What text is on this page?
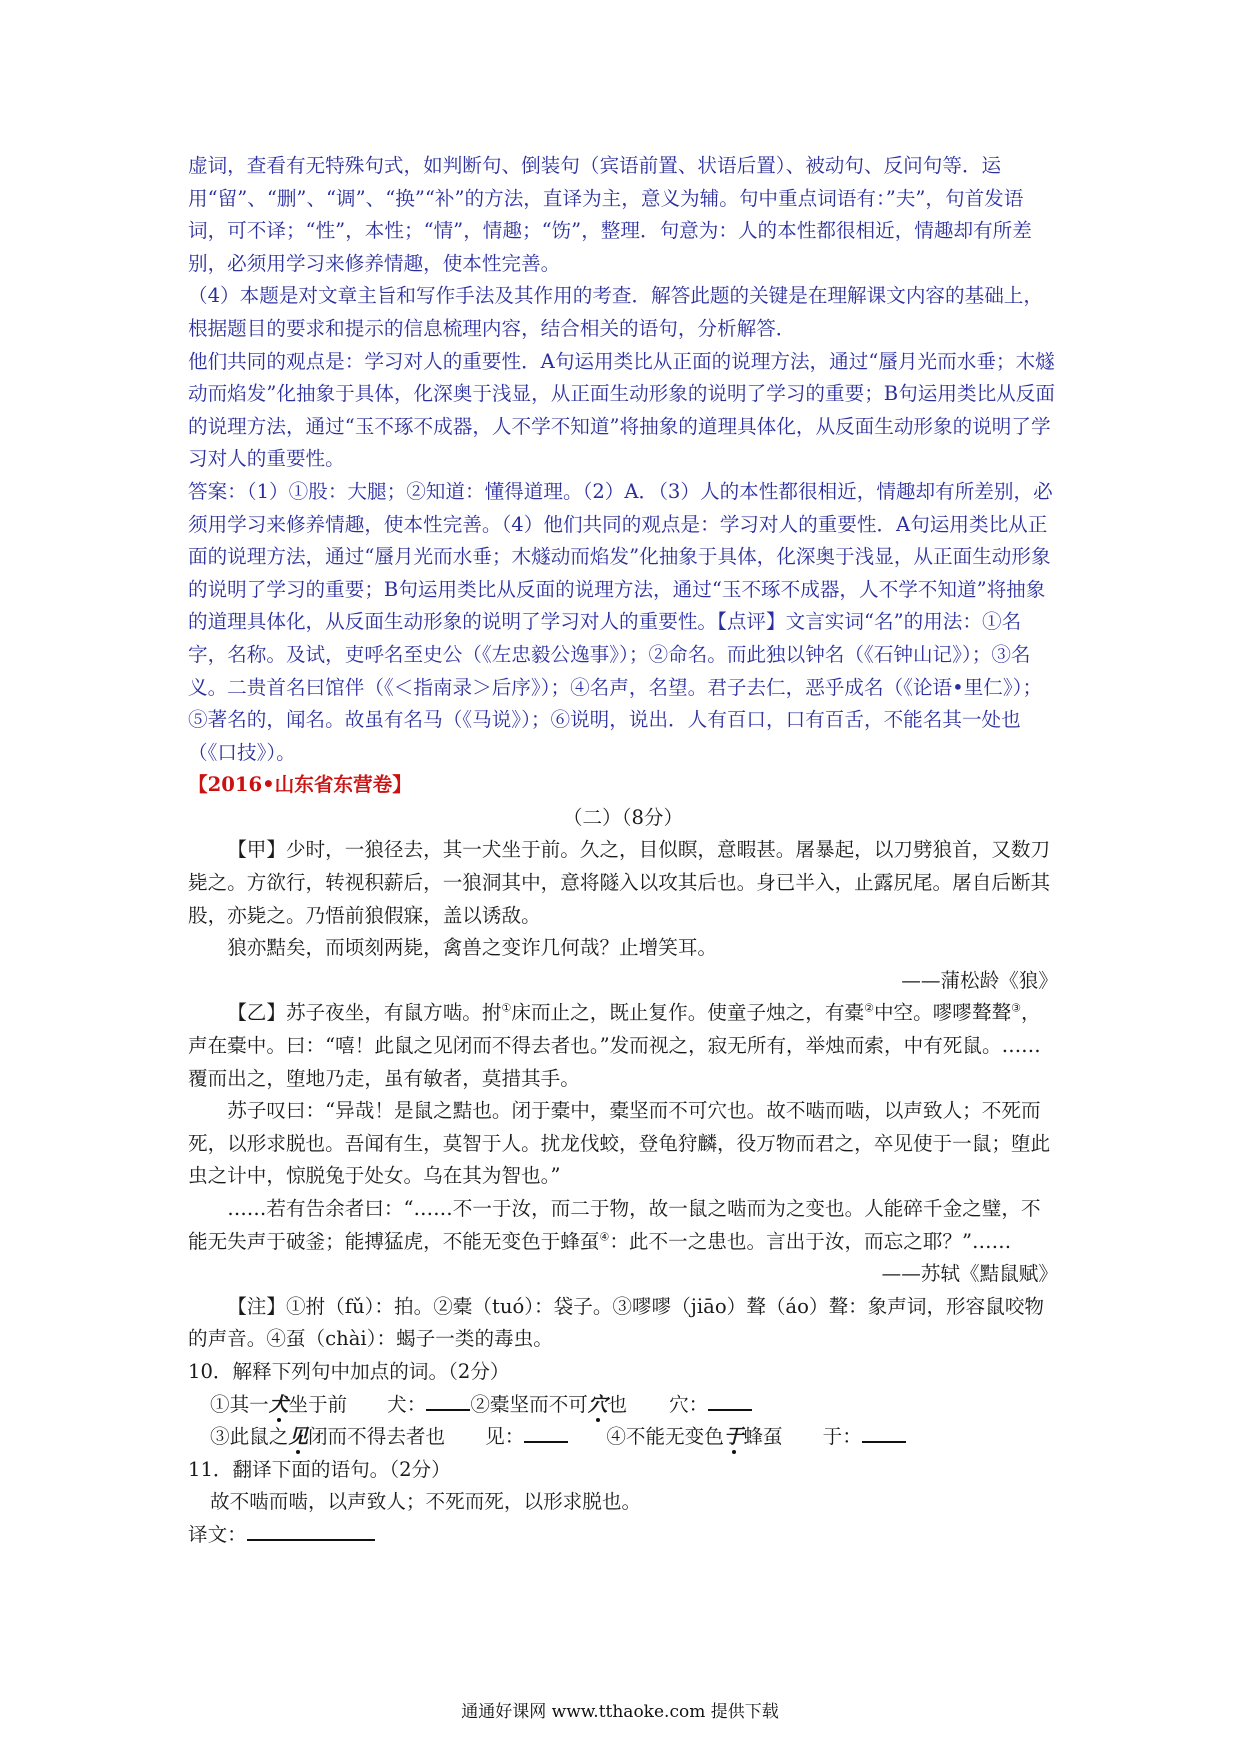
虚词，查看有无特殊句式，如判断句、倒装句（宾语前置、状语后置）、被动句、反问句等．运用“留”、“删”、“调”、“换”“补”的方法，直译为主，意义为辅。句中重点词语有：”夫”，句首发语词，可不译；“性”，本性；“情”，情趣；“饬”，整理．句意为：人的本性都很相近，情趣却有所差别，必须用学习来修养情趣，使本性完善。

（4）本题是对文章主旨和写作手法及其作用的考查．解答此题的关键是在理解课文内容的基础上，根据题目的要求和提示的信息梳理内容，结合相关的语句，分析解答．

他们共同的观点是：学习对人的重要性．A句运用类比从正面的说理方法，通过“蜃月光而水垂；木燧动而焰发”化抽象于具体，化深奥于浅显，从正面生动形象的说明了学习的重要；B句运用类比从反面的说理方法，通过“玉不琢不成器，人不学不知道”将抽象的道理具体化，从反面生动形象的说明了学习对人的重要性。

答案：（1）①股：大腿；②知道：懂得道理。（2）A．（3）人的本性都很相近，情趣却有所差别，必须用学习来修养情趣，使本性完善。（4）他们共同的观点是：学习对人的重要性．A句运用类比从正面的说理方法，通过“蜃月光而水垂；木燧动而焰发”化抽象于具体，化深奥于浅显，从正面生动形象的说明了学习的重要；B句运用类比从反面的说理方法，通过“玉不琢不成器，人不学不知道”将抽象的道理具体化，从反面生动形象的说明了学习对人的重要性。【点评】文言实词“名”的用法：①名字，名称。及试，吏呼名至史公（《左忠毅公逸事》）；②命名。而此独以钟名（《石钟山记》）；③名义。二贵首名曰馆伴（《＜指南录＞后序》）；④名声，名望。君子去仁，恶乎成名（《论语•里仁》）；⑤著名的，闻名。故虽有名马（《马说》）；⑥说明，说出．人有百口，口有百舌，不能名其一处也（《口技》）。

【2016•山东省东营卷】

（二）（8分）

【甲】少时，一狼径去，其一犬坐于前。久之，目似瞑，意暇甚。屠暴起，以刀劈狼首，又数刀毙之。方欲行，转视积薪后，一狼洞其中，意将隧入以攻其后也。身已半入，止露尻尾。屠自后断其股，亦毙之。乃悟前狼假寐，盖以诱敌。

狼亦黠矣，而顷刻两毙，禽兽之变诈几何哉？止增笑耳。

——蒲松龄《狼》

【乙】苏子夜坐，有鼠方啮。拊①床而止之，既止复作。使童子烛之，有橐②中空。嘐嘐聱聱③，声在橐中。曰：“嘻！此鼠之见闭而不得去者也。”发而视之，寂无所有，举烛而索，中有死鼠。……覆而出之，堕地乃走，虽有敏者，莫措其手。

苏子叹曰：“异哉！是鼠之黠也。闭于橐中，橐坚而不可穴也。故不啮而啮，以声致人；不死而死，以形求脱也。吾闻有生，莫智于人。扰龙伐蛟，登龟狩麟，役万物而君之，卒见使于一鼠；堕此虫之计中，惊脱兔于处女。乌在其为智也。”

……若有告余者曰：“……不一于汝，而二于物，故一鼠之啮而为之变也。人能碎千金之璧，不能无失声于破釜；能搏猛虎，不能无变色于蜂虿④：此不一之患也。言出于汝，而忘之耶？”……

——苏轼《黠鼠赋》

【注】①拊（fǔ）：拍。②橐（tuó）：袋子。③嘐嘐（jiāo）聱（áo）聱：象声词，形容鼠咬物的声音。④虿（chài）：蝎子一类的毒虫。

10．解释下列句中加点的词。（2分）

①其一犬坐于前 犬： ②橐坚而不可穴也 穴：
③此鼠之见闭而不得去者也 见：	④不能无变色于蜂虿 于：

11．翻译下面的语句。（2分）

故不啮而啮，以声致人；不死而死，以形求脱也。

译文：

通通好课网 www.tthaoke.com 提供下载
